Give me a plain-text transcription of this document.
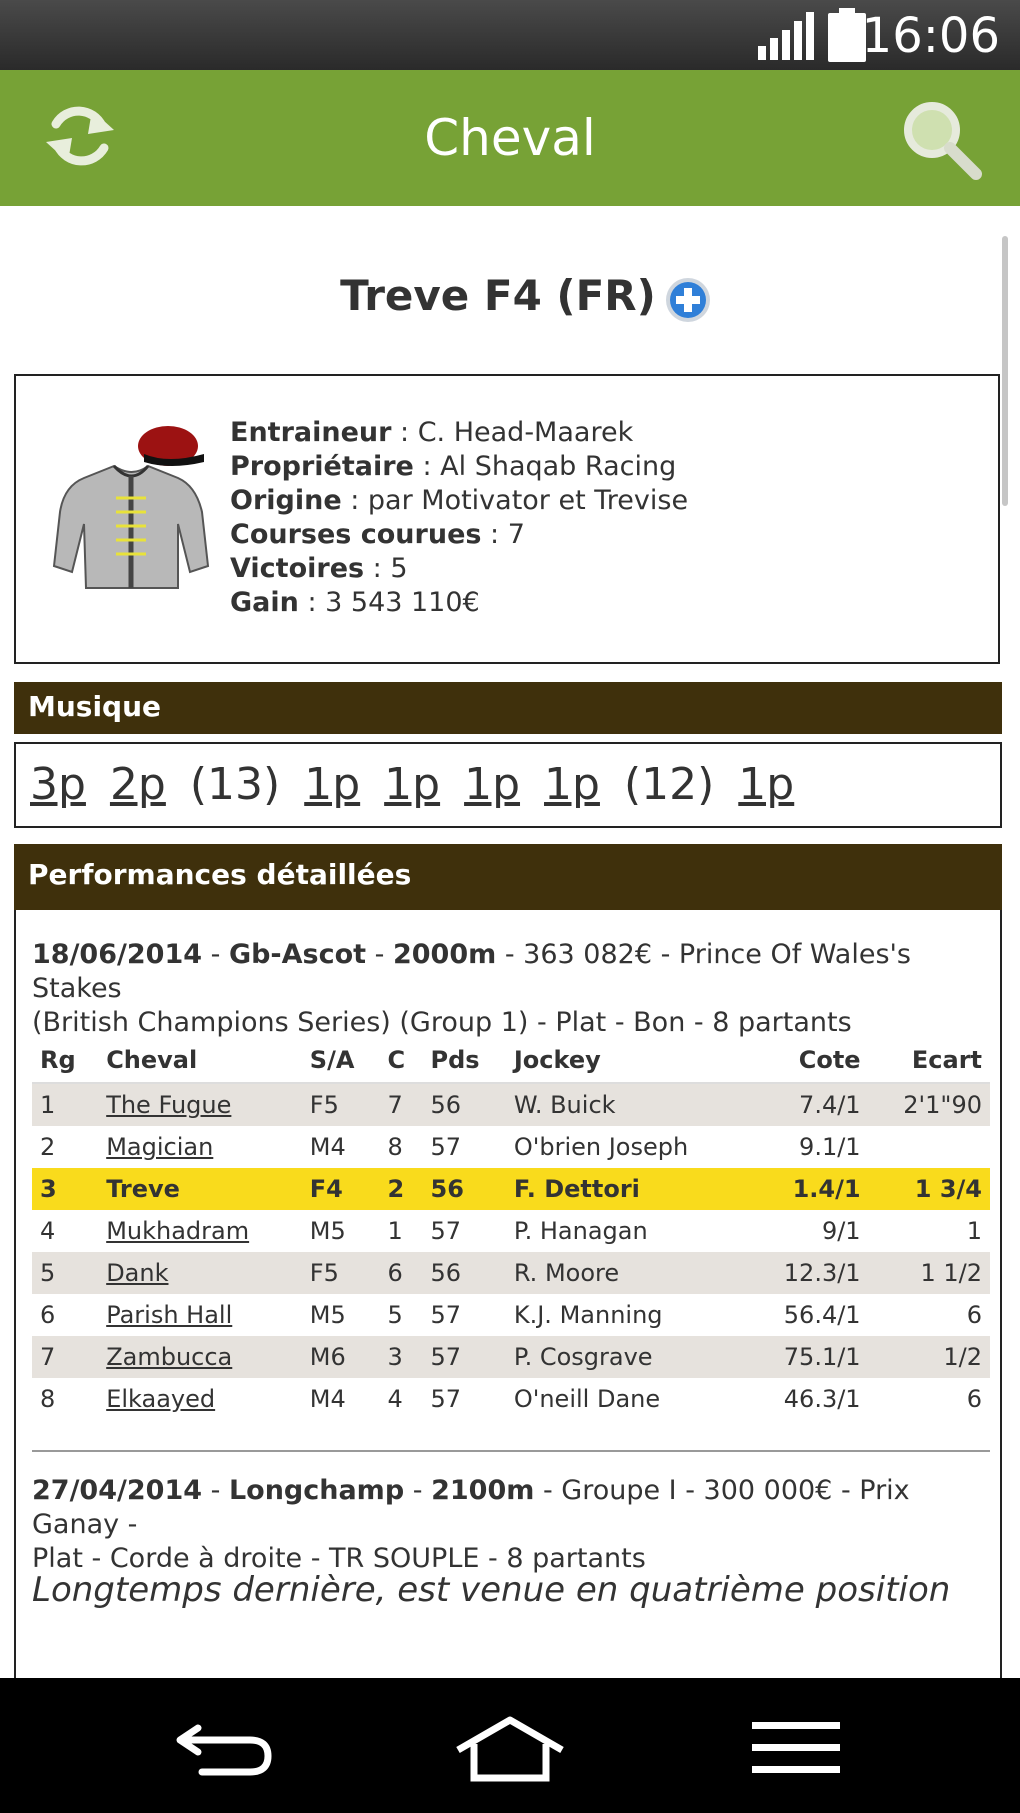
16:06
Cheval
Treve F4 (FR)
Entraineur : C. Head-Maarek
Propriétaire : Al Shaqab Racing
Origine : par Motivator et Trevise
Courses courues : 7
Victoires : 5
Gain : 3 543 110€
Musique
3p 2p (13) 1p 1p 1p 1p (12) 1p
Performances détaillées
18/06/2014 - Gb-Ascot - 2000m - 363 082€ - Prince Of Wales's Stakes
(British Champions Series) (Group 1) - Plat - Bon - 8 partants
Rg	Cheval	S/A	C	Pds	Jockey	Cote	Ecart
1	The Fugue	F5	7	56	W. Buick	7.4/1	2'1"90
2	Magician	M4	8	57	O'brien Joseph	9.1/1	
3	Treve	F4	2	56	F. Dettori	1.4/1	1 3/4
4	Mukhadram	M5	1	57	P. Hanagan	9/1	1
5	Dank	F5	6	56	R. Moore	12.3/1	1 1/2
6	Parish Hall	M5	5	57	K.J. Manning	56.4/1	6
7	Zambucca	M6	3	57	P. Cosgrave	75.1/1	1/2
8	Elkaayed	M4	4	57	O'neill Dane	46.3/1	6
27/04/2014 - Longchamp - 2100m - Groupe I - 300 000€ - Prix Ganay -
Plat - Corde à droite - TR SOUPLE - 8 partants
Longtemps dernière, est venue en quatrième position
